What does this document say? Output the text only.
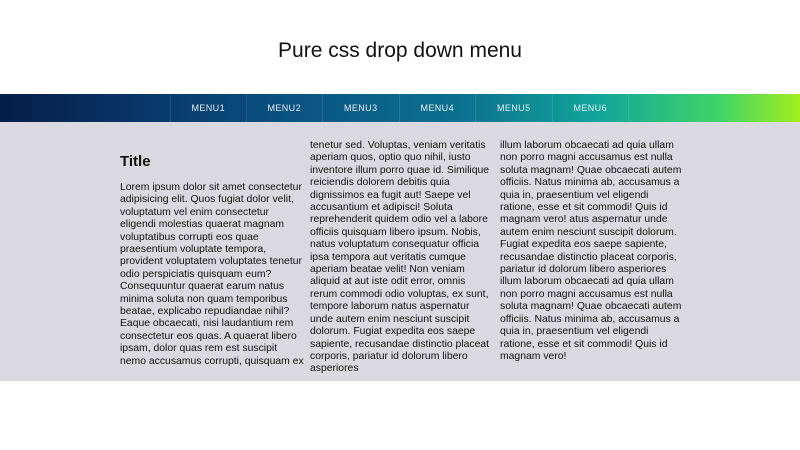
Pure css drop down menu
MENU1	MENU2	MENU3	MENU4	MENU5	MENU6
Title

Lorem ipsum dolor sit amet consectetur adipisicing elit. Quos fugiat dolor velit, voluptatum vel enim consectetur eligendi molestias quaerat magnam voluptatibus corrupti eos quae praesentium voluptate tempora, provident voluptatem voluptates tenetur odio perspiciatis quisquam eum? Consequuntur quaerat earum natus minima soluta non quam temporibus beatae, explicabo repudiandae nihil? Eaque obcaecati, nisi laudantium rem consectetur eos quas. A quaerat libero ipsam, dolor quas rem est suscipit nemo accusamus corrupti, quisquam ex

tenetur sed. Voluptas, veniam veritatis aperiam quos, optio quo nihil, iusto inventore illum porro quae id. Similique reiciendis dolorem debitis quia dignissimos ea fugit aut! Saepe vel accusantium et adipisci! Soluta reprehenderit quidem odio vel a labore officiis quisquam libero ipsum. Nobis, natus voluptatum consequatur officia ipsa tempora aut veritatis cumque aperiam beatae velit! Non veniam aliquid at aut iste odit error, omnis rerum commodi odio voluptas, ex sunt, tempore laborum natus aspernatur unde autem enim nesciunt suscipit dolorum. Fugiat expedita eos saepe sapiente, recusandae distinctio placeat corporis, pariatur id dolorum libero asperiores

illum laborum obcaecati ad quia ullam non porro magni accusamus est nulla soluta magnam! Quae obcaecati autem officiis. Natus minima ab, accusamus a quia in, praesentium vel eligendi ratione, esse et sit commodi! Quis id magnam vero! atus aspernatur unde autem enim nesciunt suscipit dolorum. Fugiat expedita eos saepe sapiente, recusandae distinctio placeat corporis, pariatur id dolorum libero asperiores illum laborum obcaecati ad quia ullam non porro magni accusamus est nulla soluta magnam! Quae obcaecati autem officiis. Natus minima ab, accusamus a quia in, praesentium vel eligendi ratione, esse et sit commodi! Quis id magnam vero!
